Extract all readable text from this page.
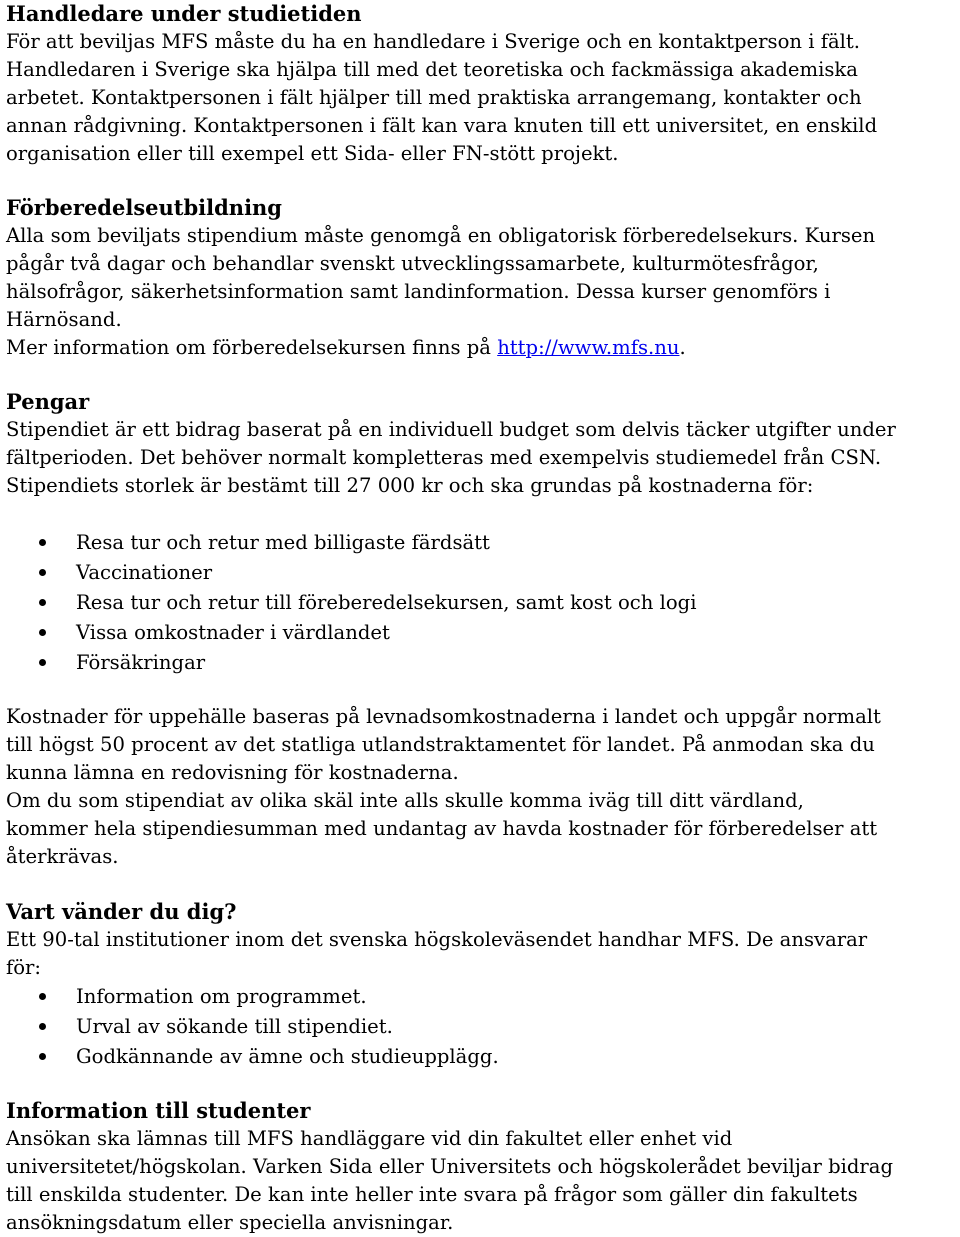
Handledare under studietiden

För att beviljas MFS måste du ha en handledare i Sverige och en kontaktperson i fält.
Handledaren i Sverige ska hjälpa till med det teoretiska och fackmässiga akademiska
arbetet. Kontaktpersonen i fält hjälper till med praktiska arrangemang, kontakter och
annan rådgivning. Kontaktpersonen i fält kan vara knuten till ett universitet, en enskild
organisation eller till exempel ett Sida- eller FN-stött projekt.

Förberedelseutbildning

Alla som beviljats stipendium måste genomgå en obligatorisk förberedelsekurs. Kursen
pågår två dagar och behandlar svenskt utvecklingssamarbete, kulturmötesfrågor,
hälsofrågor, säkerhetsinformation samt landinformation. Dessa kurser genomförs i
Härnösand.
Mer information om förberedelsekursen finns på http://www.mfs.nu.

Pengar

Stipendiet är ett bidrag baserat på en individuell budget som delvis täcker utgifter under
fältperioden. Det behöver normalt kompletteras med exempelvis studiemedel från CSN.
Stipendiets storlek är bestämt till 27 000 kr och ska grundas på kostnaderna för:

Resa tur och retur med billigaste färdsätt
Vaccinationer
Resa tur och retur till föreberedelsekursen, samt kost och logi
Vissa omkostnader i värdlandet
Försäkringar

Kostnader för uppehälle baseras på levnadsomkostnaderna i landet och uppgår normalt
till högst 50 procent av det statliga utlandstraktamentet för landet. På anmodan ska du
kunna lämna en redovisning för kostnaderna.
Om du som stipendiat av olika skäl inte alls skulle komma iväg till ditt värdland,
kommer hela stipendiesumman med undantag av havda kostnader för förberedelser att
återkrävas.

Vart vänder du dig?

Ett 90-tal institutioner inom det svenska högskoleväsendet handhar MFS. De ansvarar
för:

Information om programmet.
Urval av sökande till stipendiet.
Godkännande av ämne och studieupplägg.
Information till studenter

Ansökan ska lämnas till MFS handläggare vid din fakultet eller enhet vid
universitetet/högskolan. Varken Sida eller Universitets och högskolerådet beviljar bidrag
till enskilda studenter. De kan inte heller inte svara på frågor som gäller din fakultets
ansökningsdatum eller speciella anvisningar.
